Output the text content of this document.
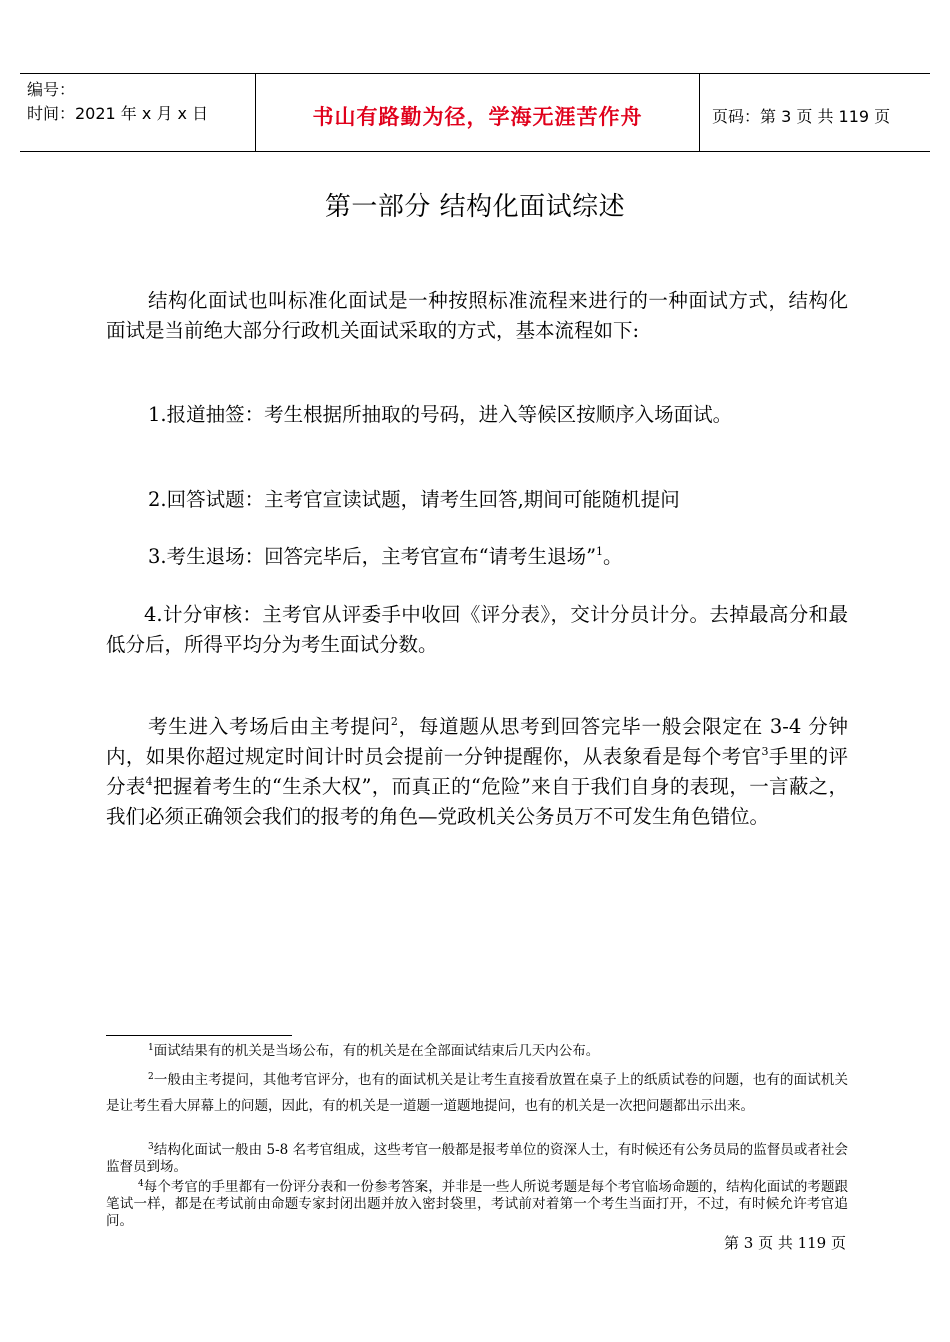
编号：
时间：2021 年 x 月 x 日	书山有路勤为径，学海无涯苦作舟	页码：第 3 页 共 119 页
第一部分 结构化面试综述
结构化面试也叫标准化面试是一种按照标准流程来进行的一种面试方式，结构化面试是当前绝大部分行政机关面试采取的方式，基本流程如下:
1.报道抽签：考生根据所抽取的号码，进入等候区按顺序入场面试。
2.回答试题：主考官宣读试题，请考生回答,期间可能随机提问
3.考生退场：回答完毕后，主考官宣布“请考生退场”$^1$。
4.计分审核：主考官从评委手中收回《评分表》，交计分员计分。去掉最高分和最低分后，所得平均分为考生面试分数。
考生进入考场后由主考提问$^2$，每道题从思考到回答完毕一般会限定在 3-4 分钟内，如果你超过规定时间计时员会提前一分钟提醒你，从表象看是每个考官$^3$手里的评分表$^4$把握着考生的“生杀大权”，而真正的“危险”来自于我们自身的表现，一言蔽之，我们必须正确领会我们的报考的角色—党政机关公务员万不可发生角色错位。
$^1$面试结果有的机关是当场公布，有的机关是在全部面试结束后几天内公布。
$^2$一般由主考提问，其他考官评分，也有的面试机关是让考生直接看放置在桌子上的纸质试卷的问题，也有的面试机关是让考生看大屏幕上的问题，因此，有的机关是一道题一道题地提问，也有的机关是一次把问题都出示出来。
$^3$结构化面试一般由 5-8 名考官组成，这些考官一般都是报考单位的资深人士，有时候还有公务员局的监督员或者社会监督员到场。
$^4$每个考官的手里都有一份评分表和一份参考答案，并非是一些人所说考题是每个考官临场命题的，结构化面试的考题跟笔试一样，都是在考试前由命题专家封闭出题并放入密封袋里，考试前对着第一个考生当面打开，不过，有时候允许考官追问。
第 3 页 共 119 页
